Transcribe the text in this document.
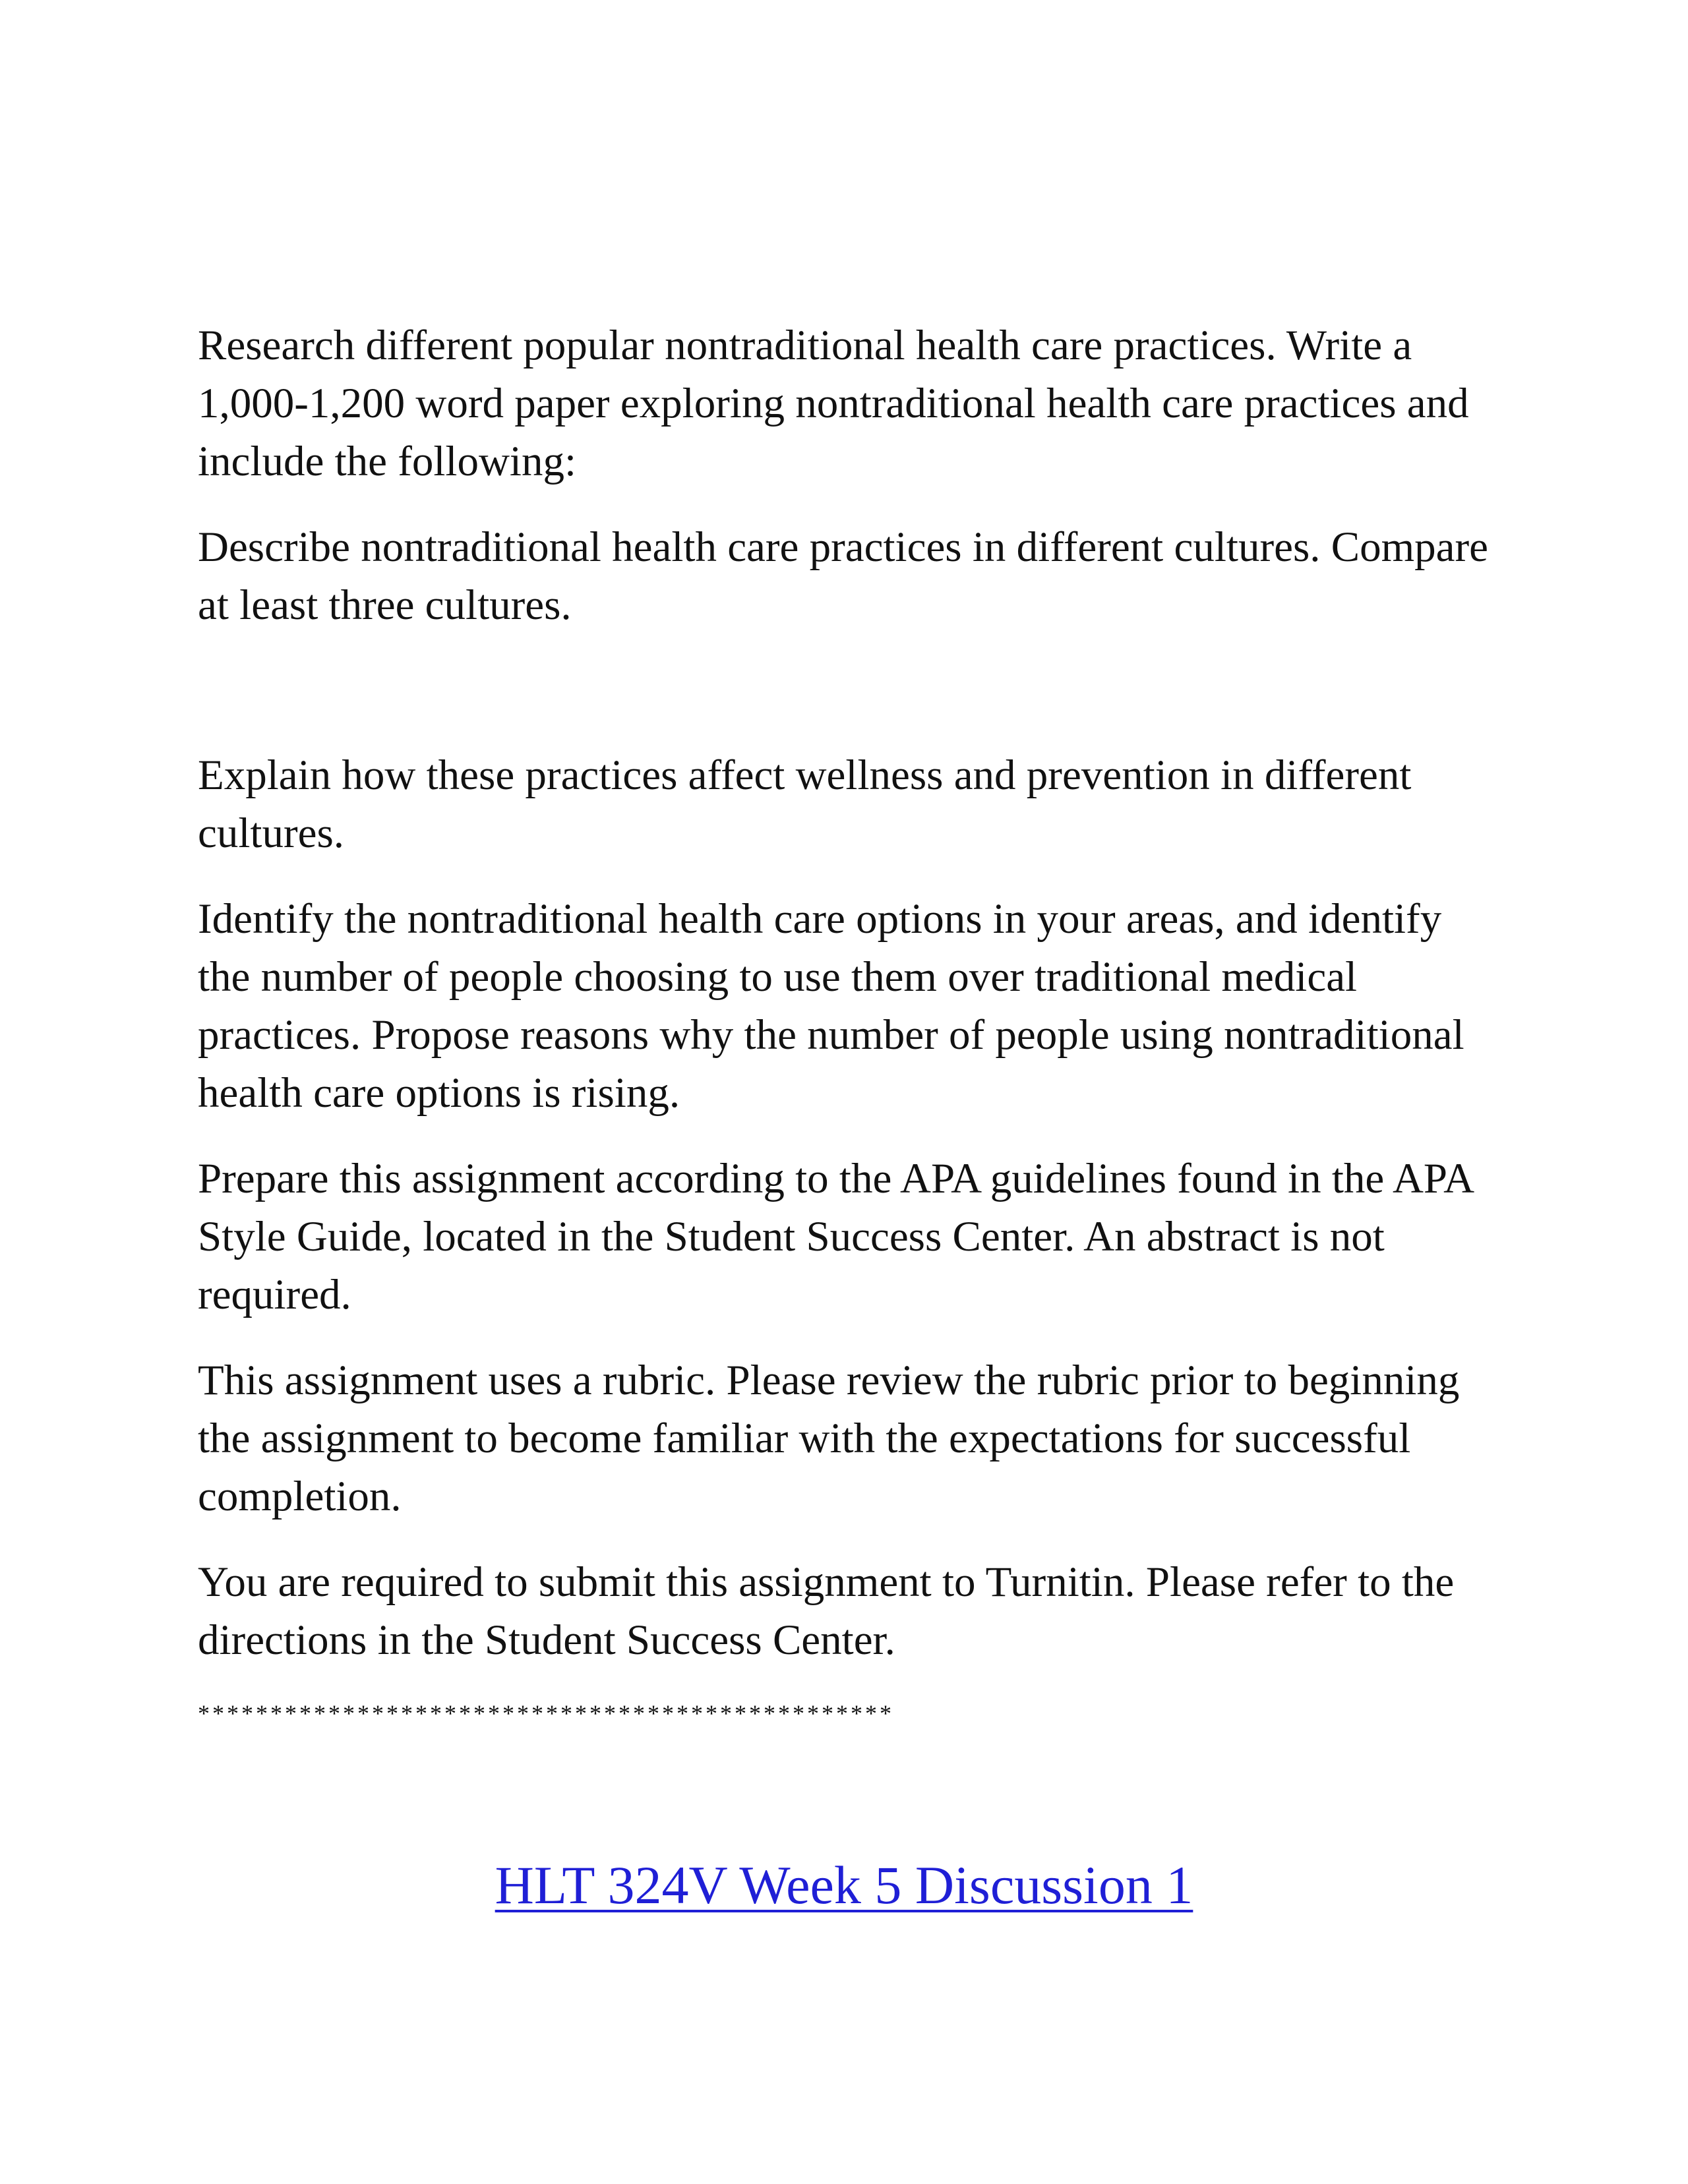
Research different popular nontraditional health care practices. Write a 1,000-1,200 word paper exploring nontraditional health care practices and include the following:

Describe nontraditional health care practices in different cultures. Compare at least three cultures.

Explain how these practices affect wellness and prevention in different cultures.

Identify the nontraditional health care options in your areas, and identify the number of people choosing to use them over traditional medical practices. Propose reasons why the number of people using nontraditional health care options is rising.

Prepare this assignment according to the APA guidelines found in the APA Style Guide, located in the Student Success Center. An abstract is not required.

This assignment uses a rubric. Please review the rubric prior to beginning the assignment to become familiar with the expectations for successful completion.

You are required to submit this assignment to Turnitin. Please refer to the directions in the Student Success Center.

************************************************
HLT 324V Week 5 Discussion 1
